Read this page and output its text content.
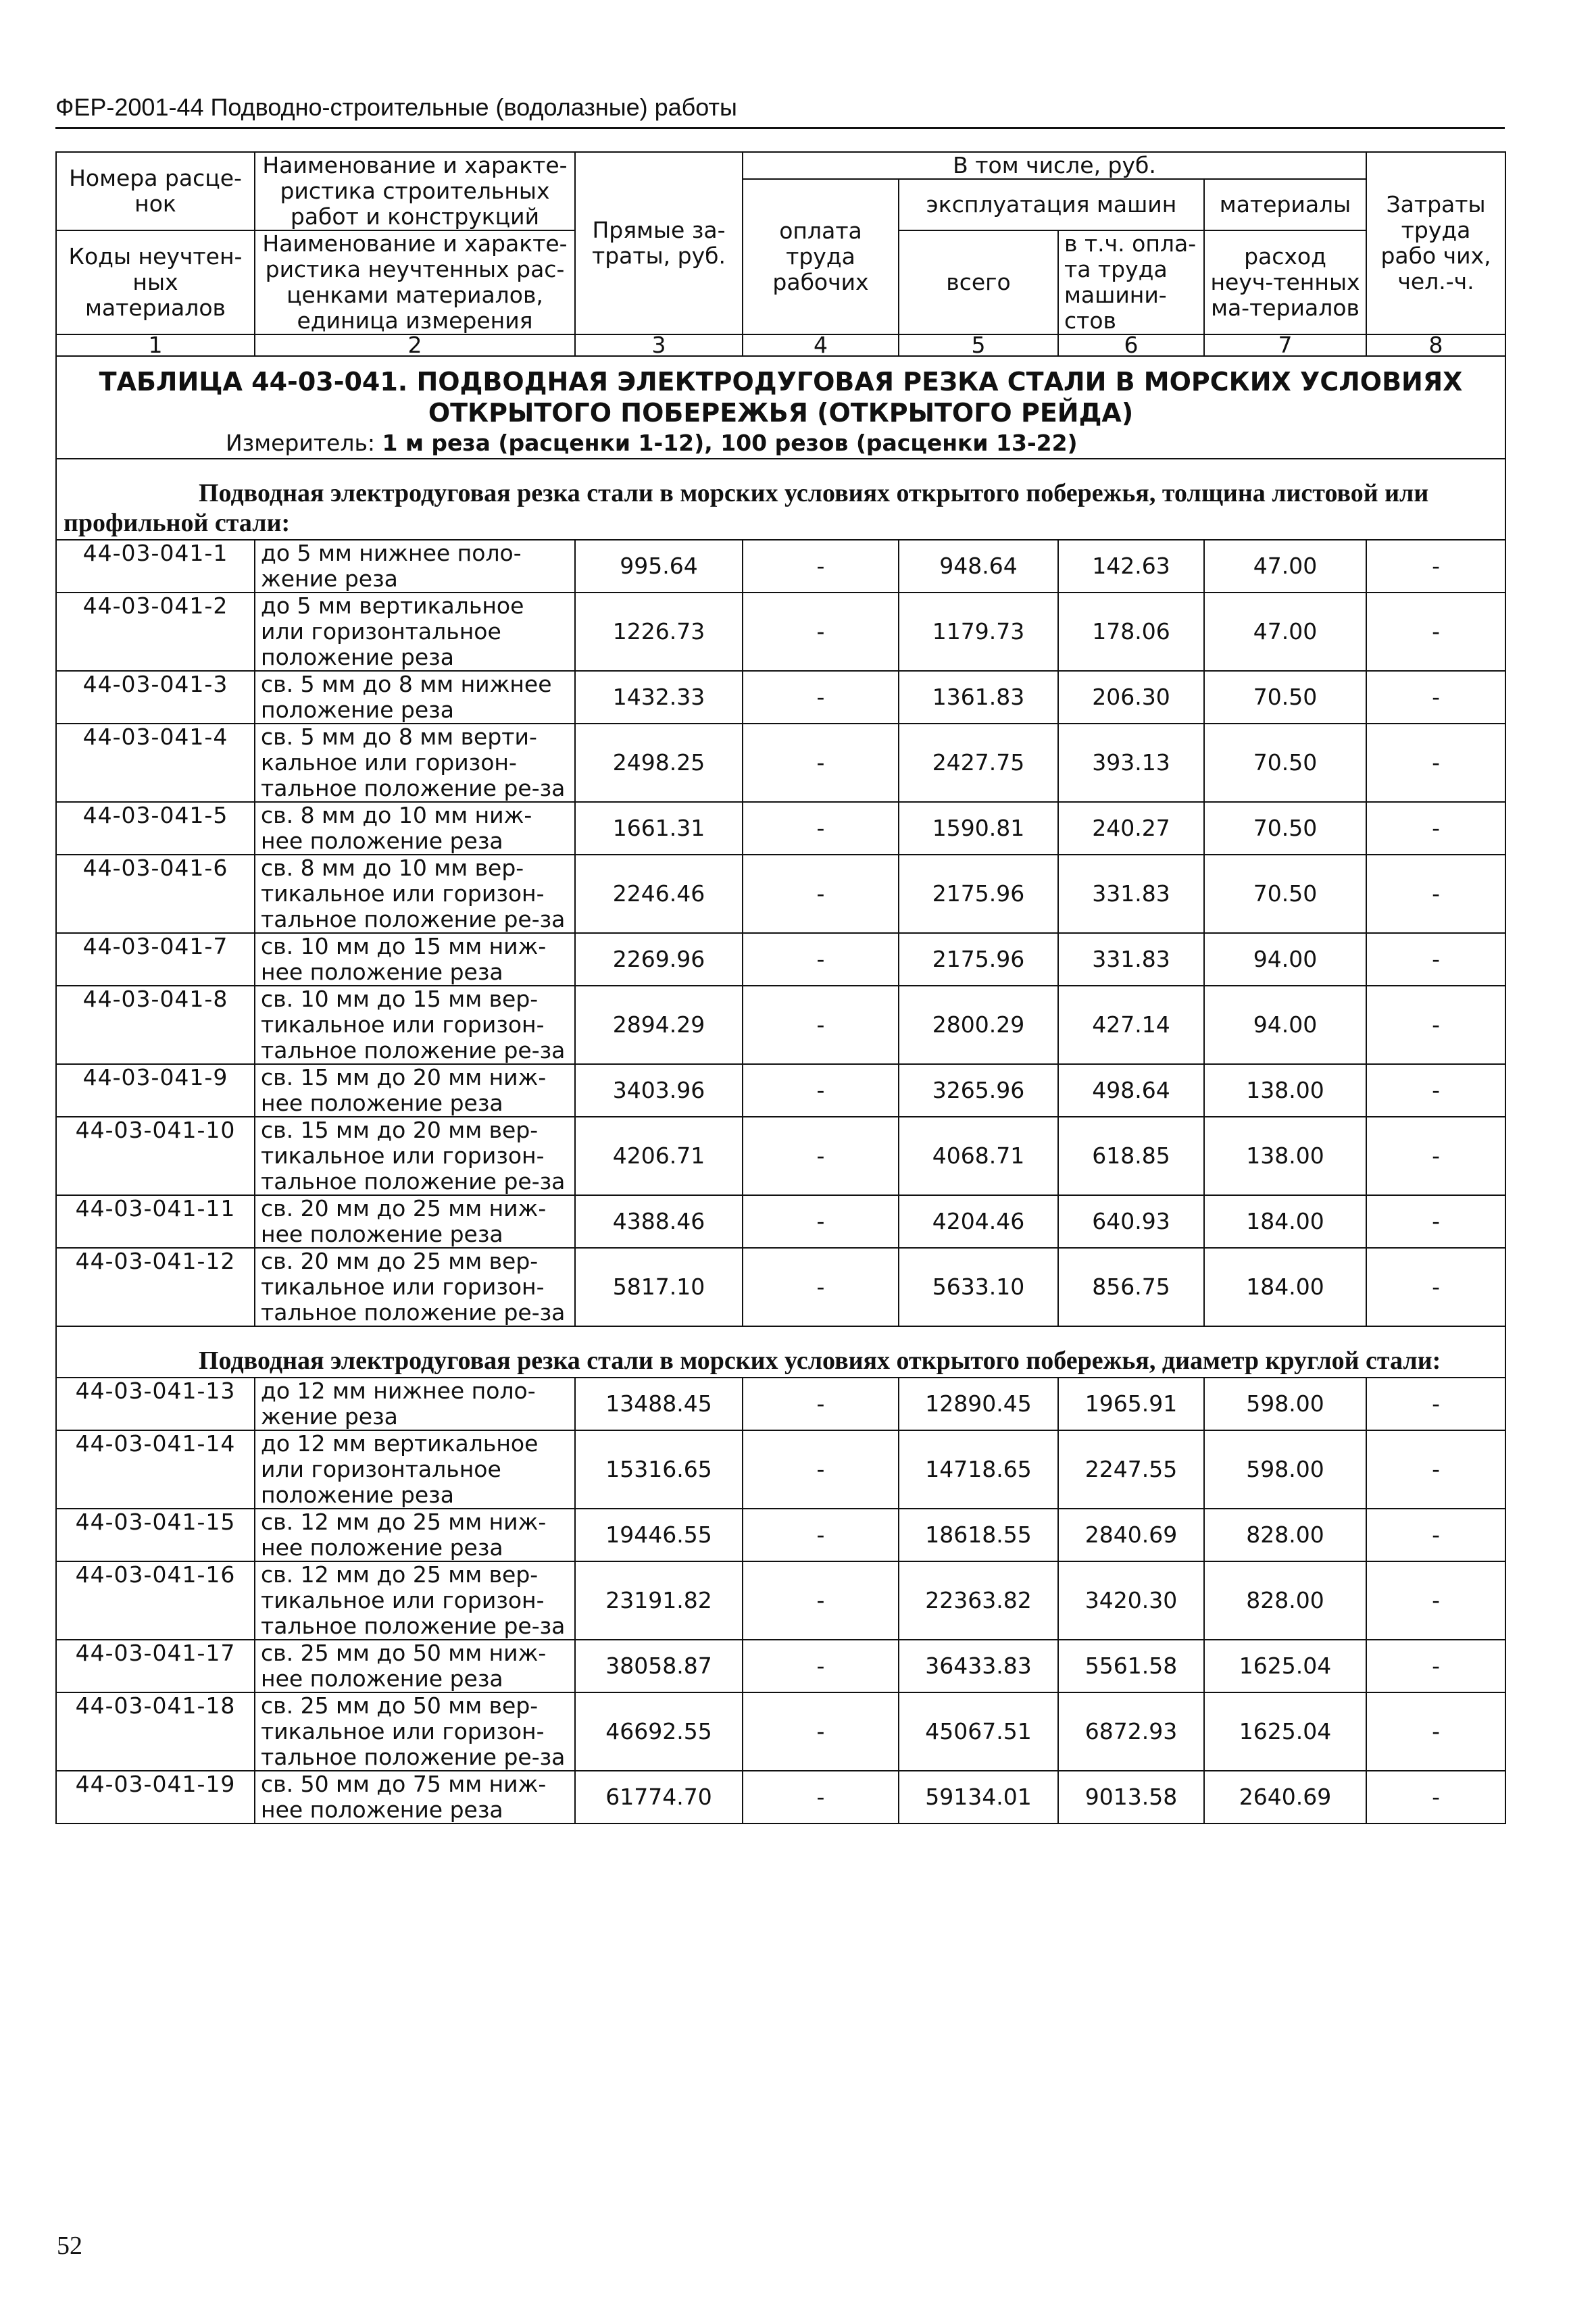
ФЕР-2001-44 Подводно-строительные (водолазные) работы
Номера расце-нок	Наименование и характе-ристика строительных работ и конструкций	Прямые за-траты, руб.	В том числе, руб.				Затраты труда рабо чих, чел.-ч.
			оплата труда рабочих	эксплуатация машин		материалы	
Коды неучтен-ных материалов	Наименование и характе-ристика неучтенных рас-ценками материалов, единица измерения			всего	в т.ч. опла-та труда машини-стов	расход неуч-тенных ма-териалов	

1	2	3	4	5	6	7	8

ТАБЛИЦА 44-03-041. ПОДВОДНАЯ ЭЛЕКТРОДУГОВАЯ РЕЗКА СТАЛИ В МОРСКИХ УСЛОВИЯХ
ОТКРЫТОГО ПОБЕРЕЖЬЯ (ОТКРЫТОГО РЕЙДА)
Измеритель: 1 м реза (расценки 1-12), 100 резов (расценки 13-22)							

Подводная электродуговая резка стали в морских условиях открытого побережья, толщина листовой или профильной стали:							

44-03-041-1	до 5 мм нижнее поло-жение реза	995.64	-	948.64	142.63	47.00	-
44-03-041-2	до 5 мм вертикальное или горизонтальное положение реза	1226.73	-	1179.73	178.06	47.00	-
44-03-041-3	св. 5 мм до 8 мм нижнее положение реза	1432.33	-	1361.83	206.30	70.50	-
44-03-041-4	св. 5 мм до 8 мм верти-кальное или горизон-тальное положение ре-за	2498.25	-	2427.75	393.13	70.50	-
44-03-041-5	св. 8 мм до 10 мм ниж-нее положение реза	1661.31	-	1590.81	240.27	70.50	-
44-03-041-6	св. 8 мм до 10 мм вер-тикальное или горизон-тальное положение ре-за	2246.46	-	2175.96	331.83	70.50	-
44-03-041-7	св. 10 мм до 15 мм ниж-нее положение реза	2269.96	-	2175.96	331.83	94.00	-
44-03-041-8	св. 10 мм до 15 мм вер-тикальное или горизон-тальное положение ре-за	2894.29	-	2800.29	427.14	94.00	-
44-03-041-9	св. 15 мм до 20 мм ниж-нее положение реза	3403.96	-	3265.96	498.64	138.00	-
44-03-041-10	св. 15 мм до 20 мм вер-тикальное или горизон-тальное положение ре-за	4206.71	-	4068.71	618.85	138.00	-
44-03-041-11	св. 20 мм до 25 мм ниж-нее положение реза	4388.46	-	4204.46	640.93	184.00	-
44-03-041-12	св. 20 мм до 25 мм вер-тикальное или горизон-тальное положение ре-за	5817.10	-	5633.10	856.75	184.00	-

Подводная электродуговая резка стали в морских условиях открытого побережья, диаметр круглой стали:							

44-03-041-13	до 12 мм нижнее поло-жение реза	13488.45	-	12890.45	1965.91	598.00	-
44-03-041-14	до 12 мм вертикальное или горизонтальное положение реза	15316.65	-	14718.65	2247.55	598.00	-
44-03-041-15	св. 12 мм до 25 мм ниж-нее положение реза	19446.55	-	18618.55	2840.69	828.00	-
44-03-041-16	св. 12 мм до 25 мм вер-тикальное или горизон-тальное положение ре-за	23191.82	-	22363.82	3420.30	828.00	-
44-03-041-17	св. 25 мм до 50 мм ниж-нее положение реза	38058.87	-	36433.83	5561.58	1625.04	-
44-03-041-18	св. 25 мм до 50 мм вер-тикальное или горизон-тальное положение ре-за	46692.55	-	45067.51	6872.93	1625.04	-
44-03-041-19	св. 50 мм до 75 мм ниж-нее положение реза	61774.70	-	59134.01	9013.58	2640.69	-
52
